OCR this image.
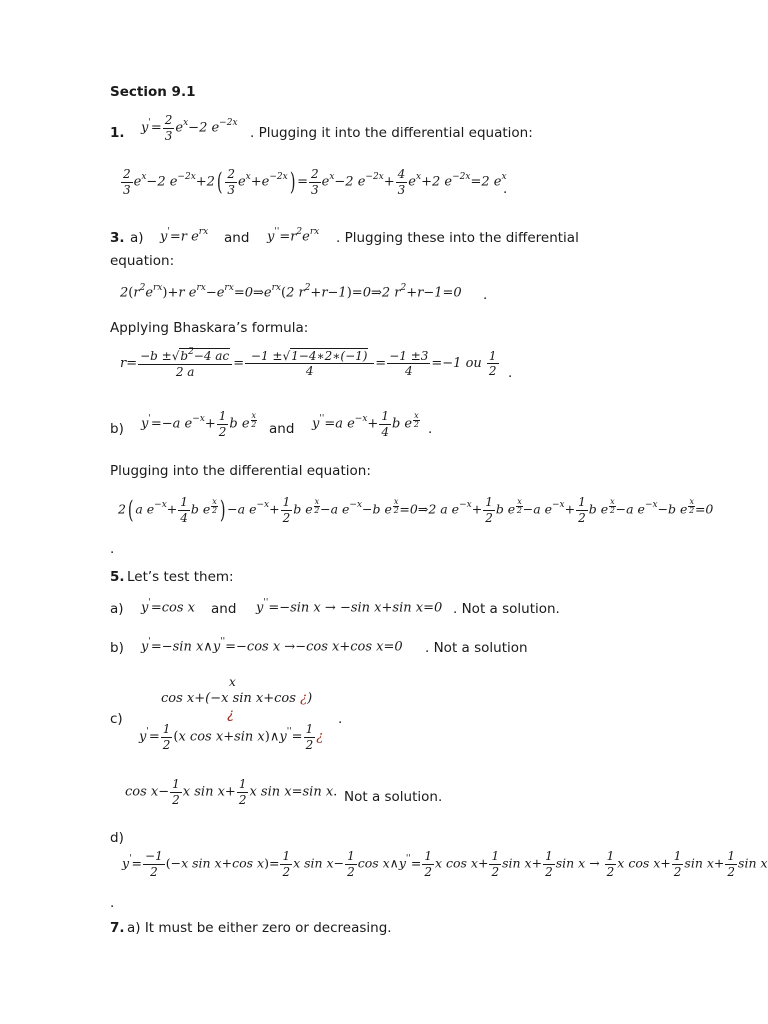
Section 9.1
1. $y'= \frac{2}{3} e^x-2$ $e^{-2x}$
. Plugging it into the differential equation:
$\frac{2}{3} e^x-2$ $e^{-2x}+2( \frac{2}{3} e^x+e^{-2x}) = \frac{2}{3} e^x-2$ $e^{-2x}+ \frac{4}{3} e^x+2$ $e^{-2x}=2$ $e^x$
.
3. a) y'=r $e^{rx}$ and $y''=r^2e^{rx}$ . Plugging these into the differential
equation:
$2(r^2e^{rx})+r$ $e^{rx}-e^{rx}=0\Rightarrow e^{rx}(2$ $r^2+r-1)=0\Rightarrow 2$ $r^2+r-1=0$ .
Applying Bhaskara’s formula:
$r= \frac{-b \pm√b^2-4 ac}{2 a} = \frac{-1 \pm√1-4∗2∗(-1)}{4} = \frac{-1 \pm 3}{4} =-1$ ou $\frac{1}{2}$ .
b) y'=−a $e^{-x}+ \frac{1}{2}$ b e $\frac{x}{2}$
and y''=a $e^{-x}+ \frac{1}{4}$ b e $\frac{x}{2}$
.
Plugging into the differential equation:
2( a $e^{-x}+ \frac{1}{4}$ b e $\frac{x}{2}$ ) −a $e^{-x}+ \frac{1}{2}$ b e $\frac{x}{2} -a$ $e^{-x}-b$ e $\frac{x}{2}$ =0⇒2 a $e^{-x}+ \frac{1}{2}$ b e $\frac{x}{2} -a$ $e^{-x}+ \frac{1}{2}$ b e $\frac{x}{2} -a$ $e^{-x}-b$ e $\frac{x}{2} =0$
.
5. Let’s test them:
a) y'=cos x and y''=−sin x → −sin x+sin x=0 . Not a solution.
b) y'=−sin x∧y''=−cos x →−cos x+cos x=0 . Not a solution
x
cos x+(−x sin x+cos ¿)
¿
c)	.
$y'= \frac{1}{2} (x$ cos x+sin x)∧y''= $\frac{1}{2}$ ¿
$\cos x- \frac{1}{2}$ x $\sin x+ \frac{1}{2}$ x sin x=sin x. Not a solution.
d)
$y'= \frac{-1}{2} (-x$ sin x+cos $x)= \frac{1}{2}$ x $\sin x- \frac{1}{2}$ cos x∧y''= $\frac{1}{2}$ x $\cos x+ \frac{1}{2}$ $\sin x+ \frac{1}{2}$ $\sin x \to \frac{1}{2}$ x $\cos x+ \frac{1}{2}$ $\sin x+ \frac{1}{2}$ sin x
.
7. a) It must be either zero or decreasing.
